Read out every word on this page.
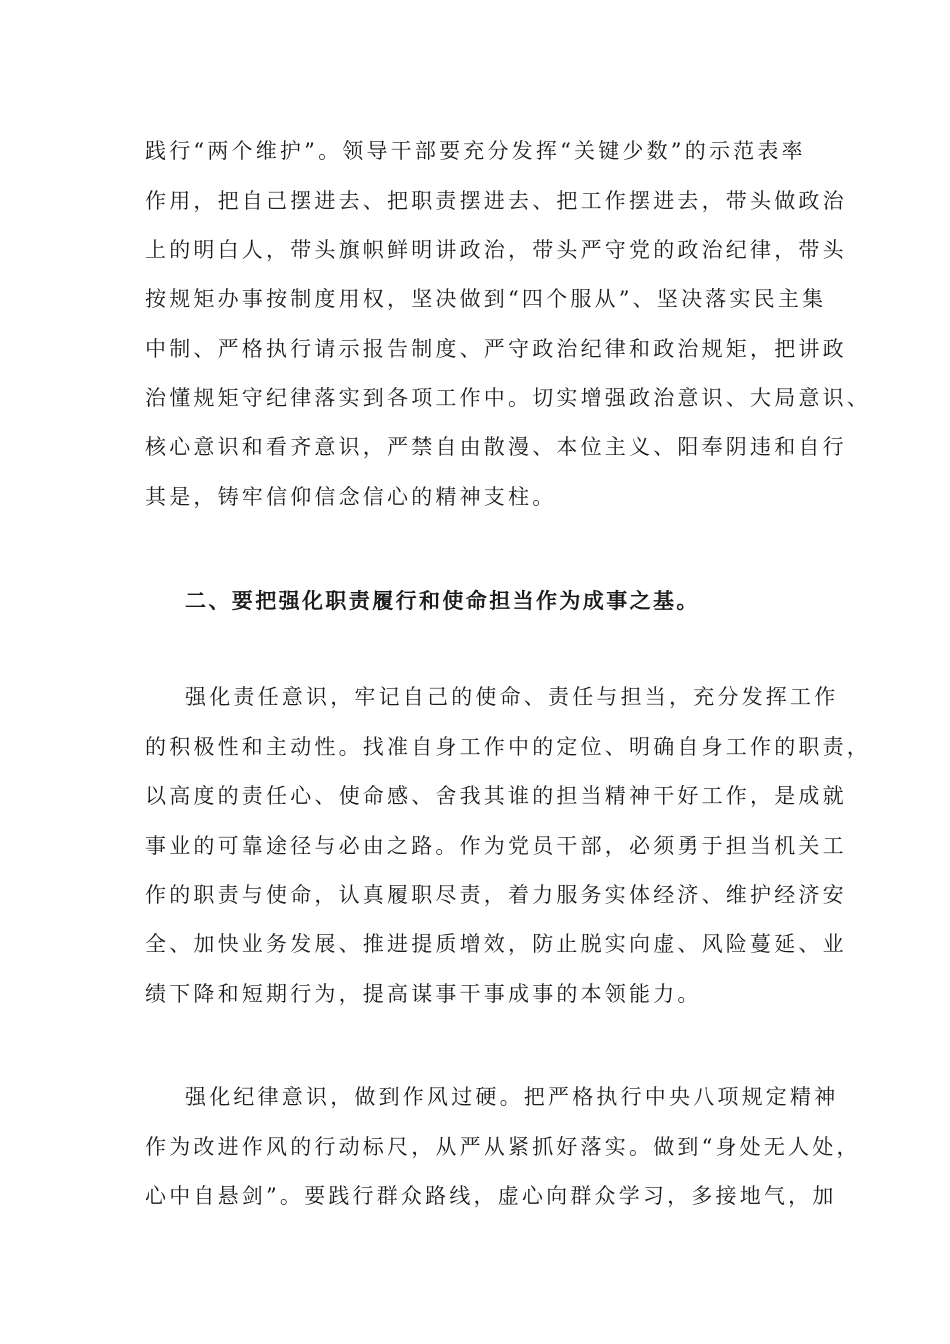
践行“两个维护”。领导干部要充分发挥“关键少数”的示范表率
作用，把自己摆进去、把职责摆进去、把工作摆进去，带头做政治
上的明白人，带头旗帜鲜明讲政治，带头严守党的政治纪律，带头
按规矩办事按制度用权，坚决做到“四个服从”、坚决落实民主集
中制、严格执行请示报告制度、严守政治纪律和政治规矩，把讲政
治懂规矩守纪律落实到各项工作中。切实增强政治意识、大局意识、
核心意识和看齐意识，严禁自由散漫、本位主义、阳奉阴违和自行
其是，铸牢信仰信念信心的精神支柱。
二、要把强化职责履行和使命担当作为成事之基。
强化责任意识，牢记自己的使命、责任与担当，充分发挥工作
的积极性和主动性。找准自身工作中的定位、明确自身工作的职责，
以高度的责任心、使命感、舍我其谁的担当精神干好工作，是成就
事业的可靠途径与必由之路。作为党员干部，必须勇于担当机关工
作的职责与使命，认真履职尽责，着力服务实体经济、维护经济安
全、加快业务发展、推进提质增效，防止脱实向虚、风险蔓延、业
绩下降和短期行为，提高谋事干事成事的本领能力。
强化纪律意识，做到作风过硬。把严格执行中央八项规定精神
作为改进作风的行动标尺，从严从紧抓好落实。做到“身处无人处，
心中自悬剑”。要践行群众路线，虚心向群众学习，多接地气，加
